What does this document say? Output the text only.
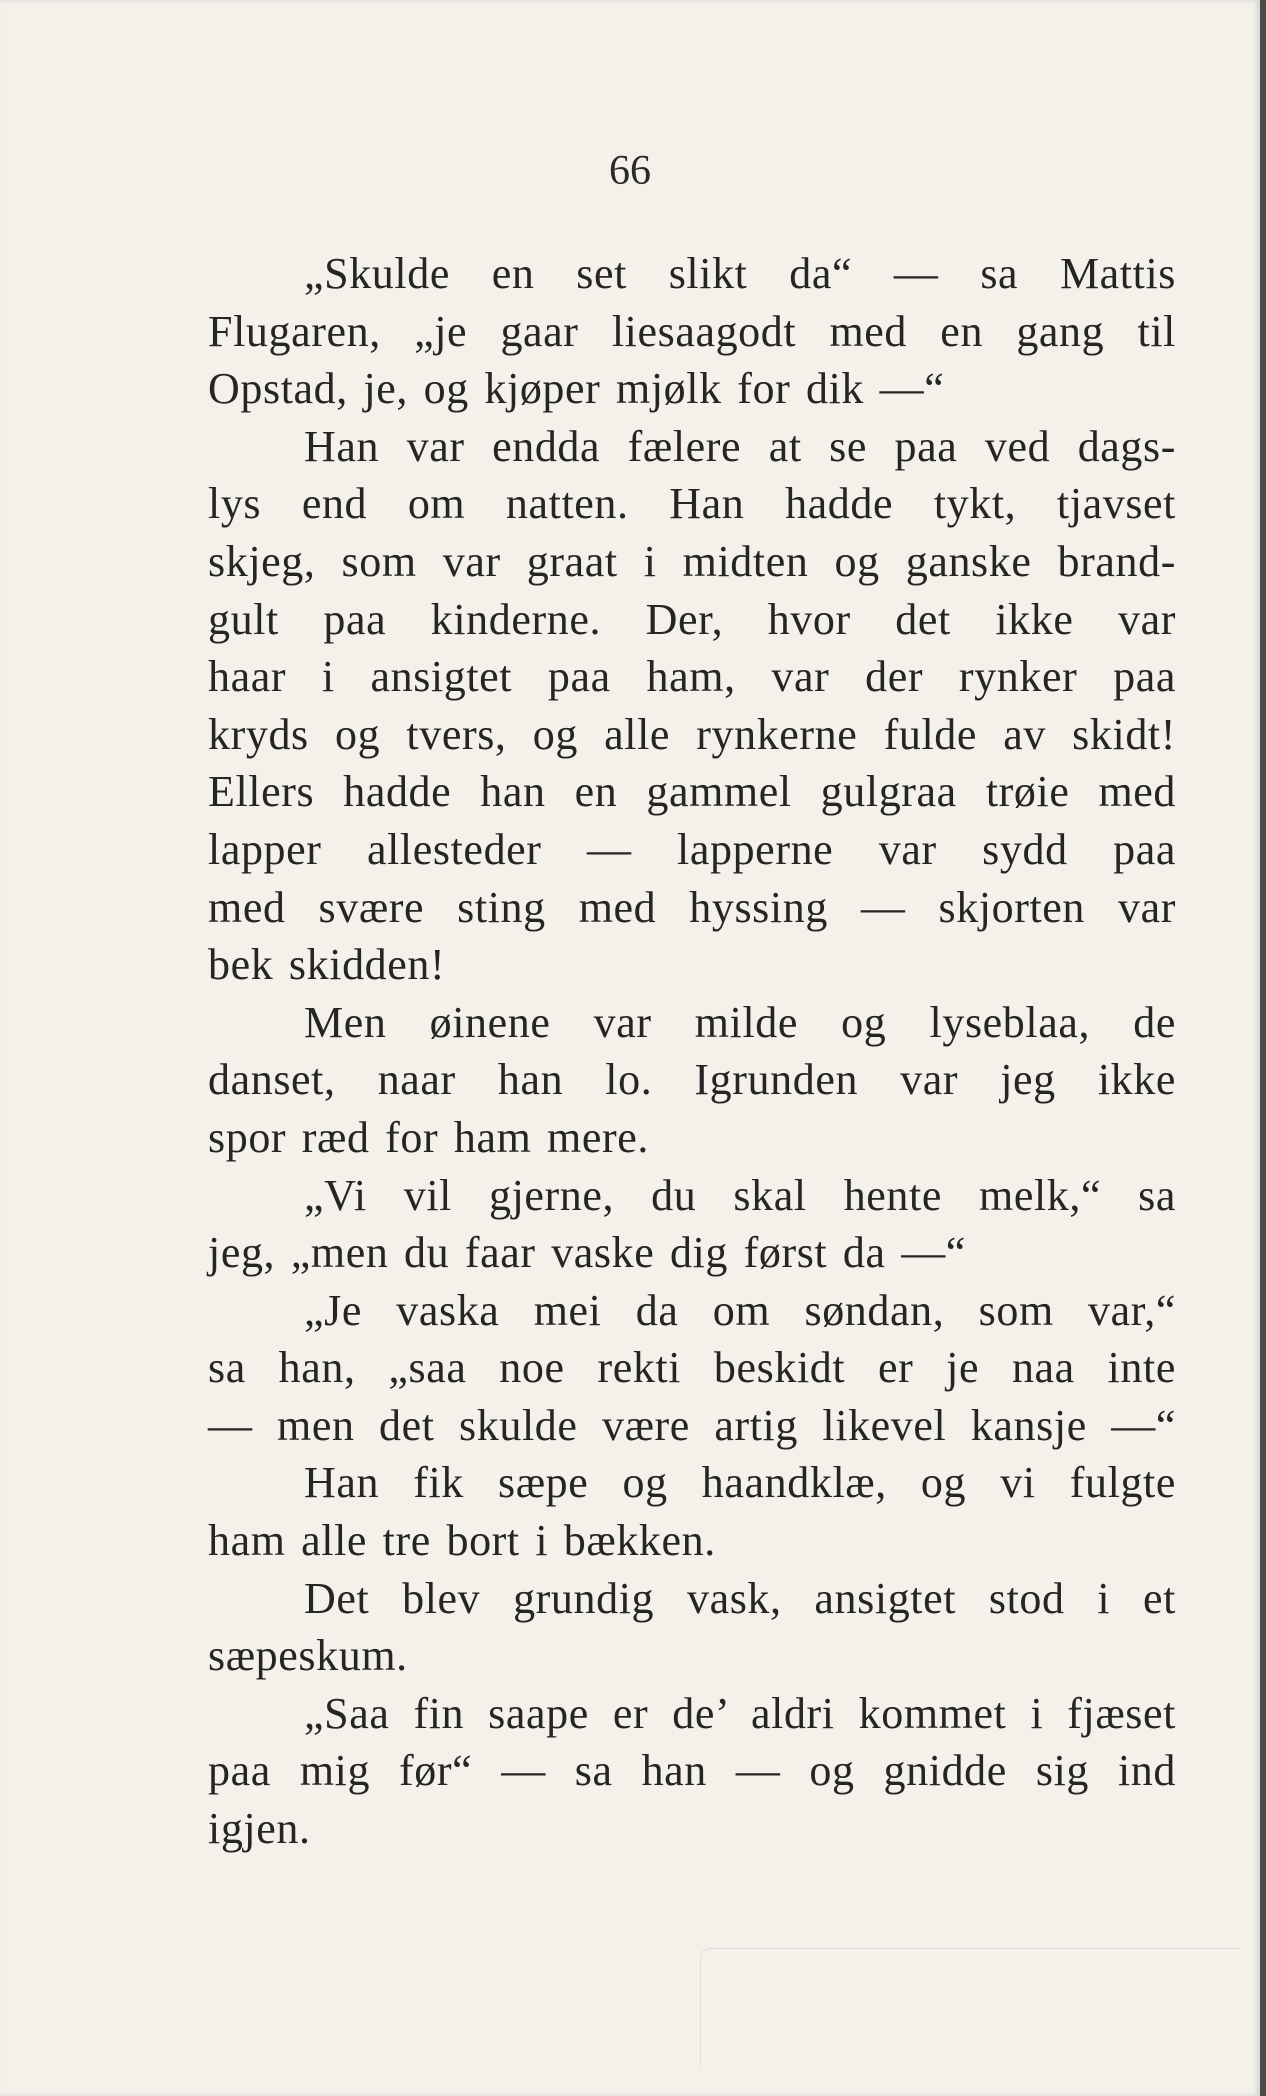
66
„Skulde en set slikt da“ — sa Mattis
Flugaren, „je gaar liesaagodt med en gang til
Opstad, je, og kjøper mjølk for dik —“
Han var endda fælere at se paa ved dags-
lys end om natten. Han hadde tykt, tjavset
skjeg, som var graat i midten og ganske brand-
gult paa kinderne. Der, hvor det ikke var
haar i ansigtet paa ham, var der rynker paa
kryds og tvers, og alle rynkerne fulde av skidt!
Ellers hadde han en gammel gulgraa trøie med
lapper allesteder — lapperne var sydd paa
med svære sting med hyssing — skjorten var
bek skidden!
Men øinene var milde og lyseblaa, de
danset, naar han lo. Igrunden var jeg ikke
spor ræd for ham mere.
„Vi vil gjerne, du skal hente melk,“ sa
jeg, „men du faar vaske dig først da —“
„Je vaska mei da om søndan, som var,“
sa han, „saa noe rekti beskidt er je naa inte
— men det skulde være artig likevel kansje —“
Han fik sæpe og haandklæ, og vi fulgte
ham alle tre bort i bækken.
Det blev grundig vask, ansigtet stod i et
sæpeskum.
„Saa fin saape er de’ aldri kommet i fjæset
paa mig før“ — sa han — og gnidde sig ind
igjen.
